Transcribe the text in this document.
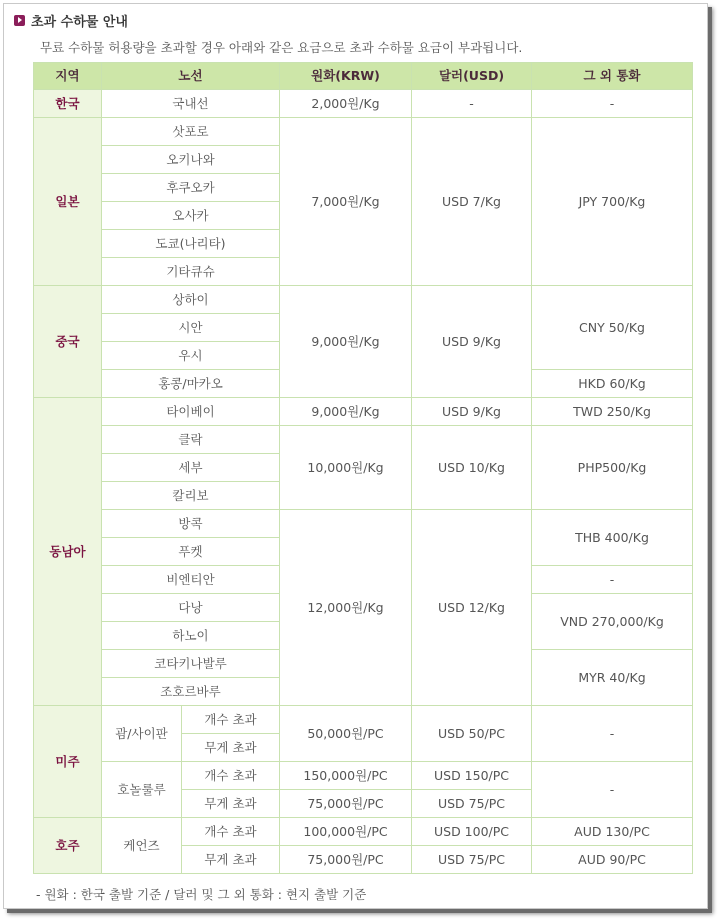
초과 수하물 안내
무료 수하물 허용량을 초과할 경우 아래와 같은 요금으로 초과 수하물 요금이 부과됩니다.
지역	노선		원화(KRW)	달러(USD)	그 외 통화
한국	국내선		2,000원/Kg	-	-
일본	삿포로		7,000원/Kg	USD 7/Kg	JPY 700/Kg
	오키나와				
	후쿠오카				
	오사카				
	도쿄(나리타)				
	기타큐슈				
중국	상하이		9,000원/Kg	USD 9/Kg	CNY 50/Kg
	시안				
	우시				
	홍콩/마카오				HKD 60/Kg
동남아	타이베이		9,000원/Kg	USD 9/Kg	TWD 250/Kg
	클락		10,000원/Kg	USD 10/Kg	PHP500/Kg
	세부				
	칼리보				
	방콕		12,000원/Kg	USD 12/Kg	THB 400/Kg
	푸켓				
	비엔티안				-
	다낭				VND 270,000/Kg
	하노이				
	코타키나발루				MYR 40/Kg
	조호르바루				
미주	괌/사이판	개수 초과	50,000원/PC	USD 50/PC	-
		무게 초과			
	호놀룰루	개수 초과	150,000원/PC	USD 150/PC	-
		무게 초과	75,000원/PC	USD 75/PC	
호주	케언즈	개수 초과	100,000원/PC	USD 100/PC	AUD 130/PC
		무게 초과	75,000원/PC	USD 75/PC	AUD 90/PC
- 원화 : 한국 출발 기준 / 달러 및 그 외 통화 : 현지 출발 기준
